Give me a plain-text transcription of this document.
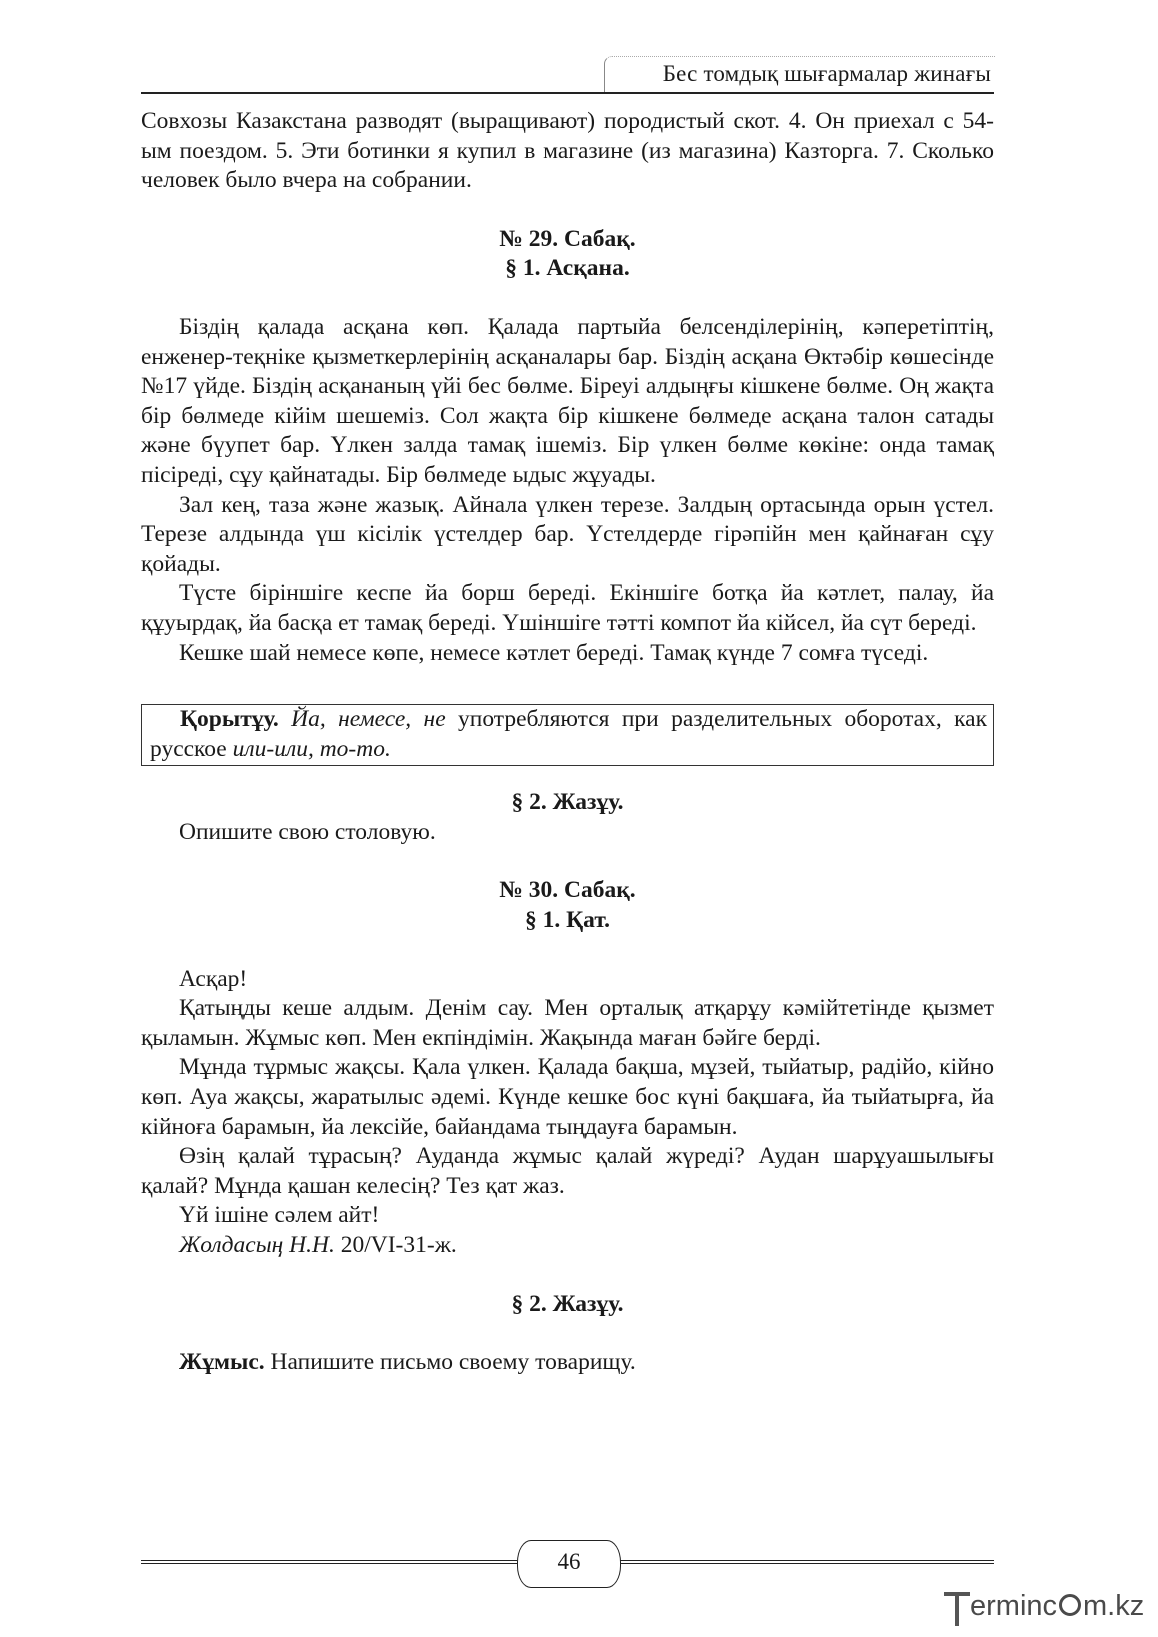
Бес томдық шығармалар жинағы

Совхозы Казакстана разводят (выращивают) породистый скот. 4. Он приехал с 54-ым поездом. 5. Эти ботинки я купил в магазине (из магазина) Казторга. 7. Сколько человек было вчера на собрании.

№ 29. Сабақ.
§ 1. Асқана.

Біздің қалада асқана көп. Қалада партыйа белсенділерінің, кәперетіптің, енженер-теқніке қызметкерлерінің асқаналары бар. Біздің асқана Өктәбір көшесінде №17 үйде. Біздің асқананың үйі бес бөлме. Біреуі алдыңғы кішкене бөлме. Оң жақта бір бөлмеде кійім шешеміз. Сол жақта бір кішкене бөлмеде асқана талон сатады және бүупет бар. Үлкен залда тамақ ішеміз. Бір үлкен бөлме көкіне: онда тамақ пісіреді, сұу қайнатады. Бір бөлмеде ыдыс жұуады.

Зал кең, таза және жазық. Айнала үлкен терезе. Залдың ортасында орын үстел. Терезе алдында үш кісілік үстелдер бар. Үстелдерде гірәпійн мен қайнаған сұу қойады.

Түсте біріншіге кеспе йа борш береді. Екіншіге ботқа йа кәтлет, палау, йа құуырдақ, йа басқа ет тамақ береді. Үшіншіге тәтті компот йа кійсел, йа сүт береді.

Кешке шай немесе көпе, немесе кәтлет береді. Тамақ күнде 7 сомға түседі.

Қорытұу. Йа, немесе, не употребляются при разделительных оборотах, как русское или-или, то-то.

§ 2. Жазұу.

Опишите свою столовую.

№ 30. Сабақ.
§ 1. Қат.

Асқар!

Қатыңды кеше алдым. Денім сау. Мен орталық атқарұу кәмійтетінде қызмет қыламын. Жұмыс көп. Мен екпіндімін. Жақында маған бәйге берді.

Мұнда тұрмыс жақсы. Қала үлкен. Қалада бақша, мұзей, тыйатыр, радійо, кійно көп. Ауа жақсы, жаратылыс әдемі. Күнде кешке бос күні бақшаға, йа тыйатырға, йа кійноға барамын, йа лексійе, байандама тыңдауға барамын.

Өзің қалай тұрасың? Ауданда жұмыс қалай жүреді? Аудан шарұуашылығы қалай? Мұнда қашан келесің? Тез қат жаз.

Үй ішіне сәлем айт!

Жолдасың Н.Н. 20/VI-31-ж.

§ 2. Жазұу.

Жұмыс. Напишите письмо своему товарищу.

46
erminc m.kz
